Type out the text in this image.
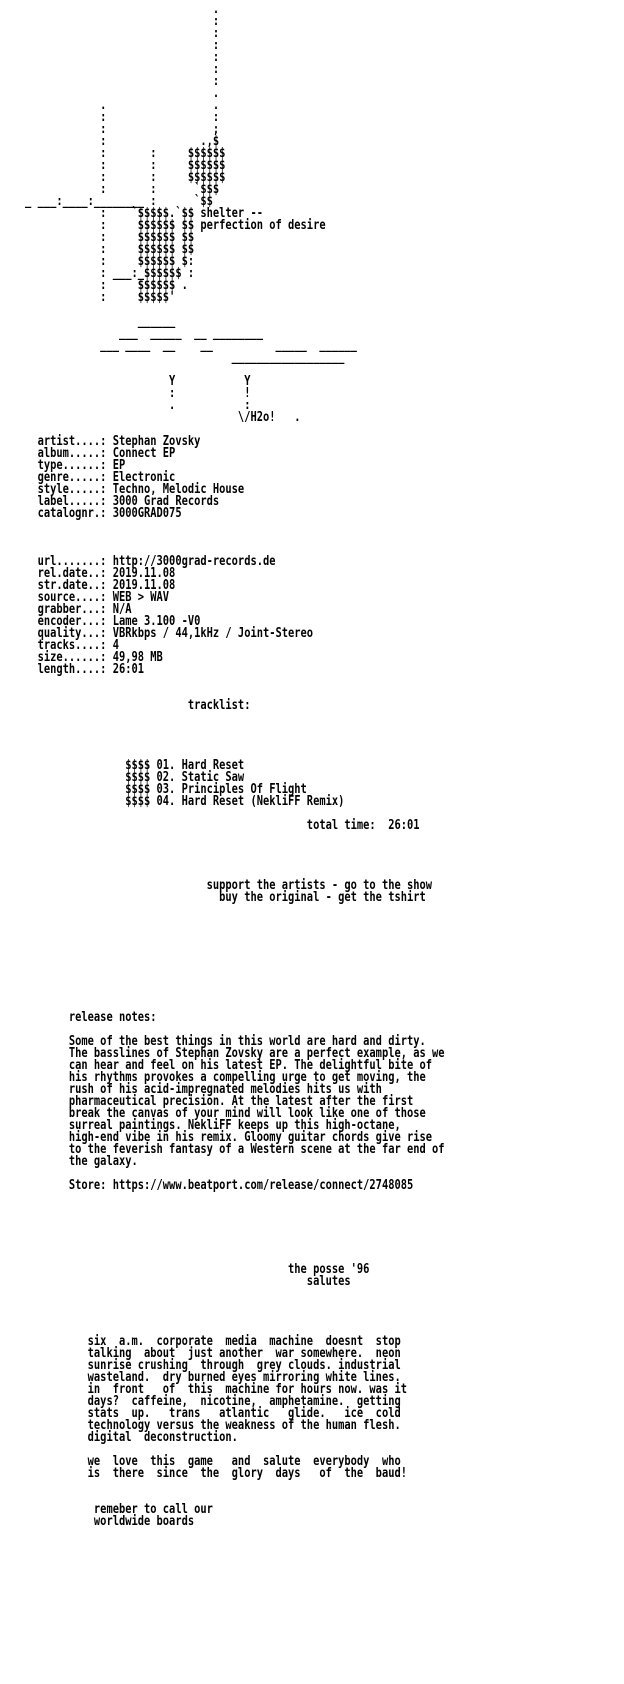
.
:
:
:
:
:
:
.
.                 .
:                 :
:                 ;
:               .,$
:       :     $$$$$$
:       :     $$$$$$
:       :     $$$$$$
:       :      `$$$
_ ___:____:________ :      `$$
:    `$$$$$.`$$ shelter --
:     $$$$$$ $$ perfection of desire
:     $$$$$$ $$
:     $$$$$$ $$
:     $$$$$$ $:
: ___:_$$$$$$ :
:     $$$$$$ .
:     $$$$$'

______
___  _____  __ ________
___ ____  __    __          _____  ______
__________________

Y           Y
:           !
.           :
\/H2o!   .

artist....: Stephan Zovsky
album.....: Connect EP
type......: EP
genre.....: Electronic
style.....: Techno, Melodic House
label.....: 3000 Grad Records
catalognr.: 3000GRAD075

url.......: http://3000grad-records.de
rel.date..: 2019.11.08
str.date..: 2019.11.08
source....: WEB > WAV
grabber...: N/A
encoder...: Lame 3.100 -V0
quality...: VBRkbps / 44,1kHz / Joint-Stereo
tracks....: 4
size......: 49,98 MB
length....: 26:01

tracklist:

$$$$ 01. Hard Reset
$$$$ 02. Static Saw
$$$$ 03. Principles Of Flight
$$$$ 04. Hard Reset (NekliFF Remix)

total time:  26:01

support the artists - go to the show
buy the original - get the tshirt

release notes:

Some of the best things in this world are hard and dirty.
The basslines of Stephan Zovsky are a perfect example, as we
can hear and feel on his latest EP. The delightful bite of
his rhythms provokes a compelling urge to get moving, the
rush of his acid-impregnated melodies hits us with
pharmaceutical precision. At the latest after the first
break the canvas of your mind will look like one of those
surreal paintings. NekliFF keeps up this high-octane,
high-end vibe in his remix. Gloomy guitar chords give rise
to the feverish fantasy of a Western scene at the far end of
the galaxy.

Store: https://www.beatport.com/release/connect/2748085

the posse '96
salutes

six  a.m.  corporate  media  machine  doesnt  stop
talking  about  just another  war somewhere.  neon
sunrise crushing  through  grey clouds. industrial
wasteland.  dry burned eyes mirroring white lines.
in  front   of  this  machine for hours now. was it
days?  caffeine,  nicotine,  amphetamine.  getting
stats  up.   trans   atlantic   glide.   ice  cold
technology versus the weakness of the human flesh.
digital  deconstruction.

we  love  this  game   and  salute  everybody  who
is  there  since  the  glory  days   of  the  baud!

remeber to call our
worldwide boards
